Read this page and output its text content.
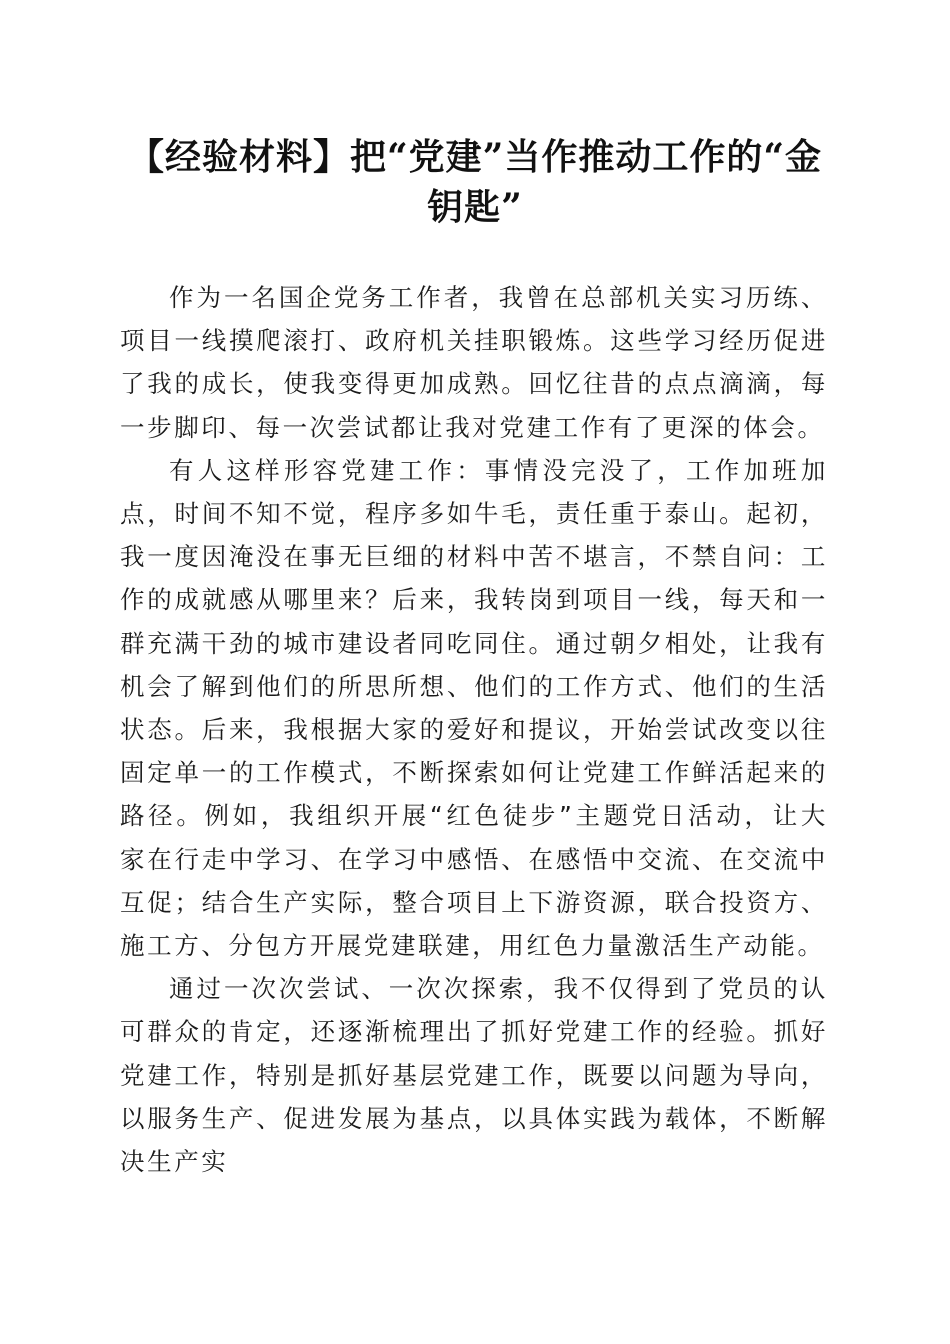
【经验材料】把“党建”当作推动工作的“金钥匙”

作为一名国企党务工作者，我曾在总部机关实习历练、项目一线摸爬滚打、政府机关挂职锻炼。这些学习经历促进了我的成长，使我变得更加成熟。回忆往昔的点点滴滴，每一步脚印、每一次尝试都让我对党建工作有了更深的体会。

有人这样形容党建工作：事情没完没了，工作加班加点，时间不知不觉，程序多如牛毛，责任重于泰山。起初，我一度因淹没在事无巨细的材料中苦不堪言，不禁自问：工作的成就感从哪里来？后来，我转岗到项目一线，每天和一群充满干劲的城市建设者同吃同住。通过朝夕相处，让我有机会了解到他们的所思所想、他们的工作方式、他们的生活状态。后来，我根据大家的爱好和提议，开始尝试改变以往固定单一的工作模式，不断探索如何让党建工作鲜活起来的路径。例如，我组织开展“红色徒步”主题党日活动，让大家在行走中学习、在学习中感悟、在感悟中交流、在交流中互促；结合生产实际，整合项目上下游资源，联合投资方、施工方、分包方开展党建联建，用红色力量激活生产动能。

通过一次次尝试、一次次探索，我不仅得到了党员的认可群众的肯定，还逐渐梳理出了抓好党建工作的经验。抓好党建工作，特别是抓好基层党建工作，既要以问题为导向，以服务生产、促进发展为基点，以具体实践为载体，不断解决生产实
